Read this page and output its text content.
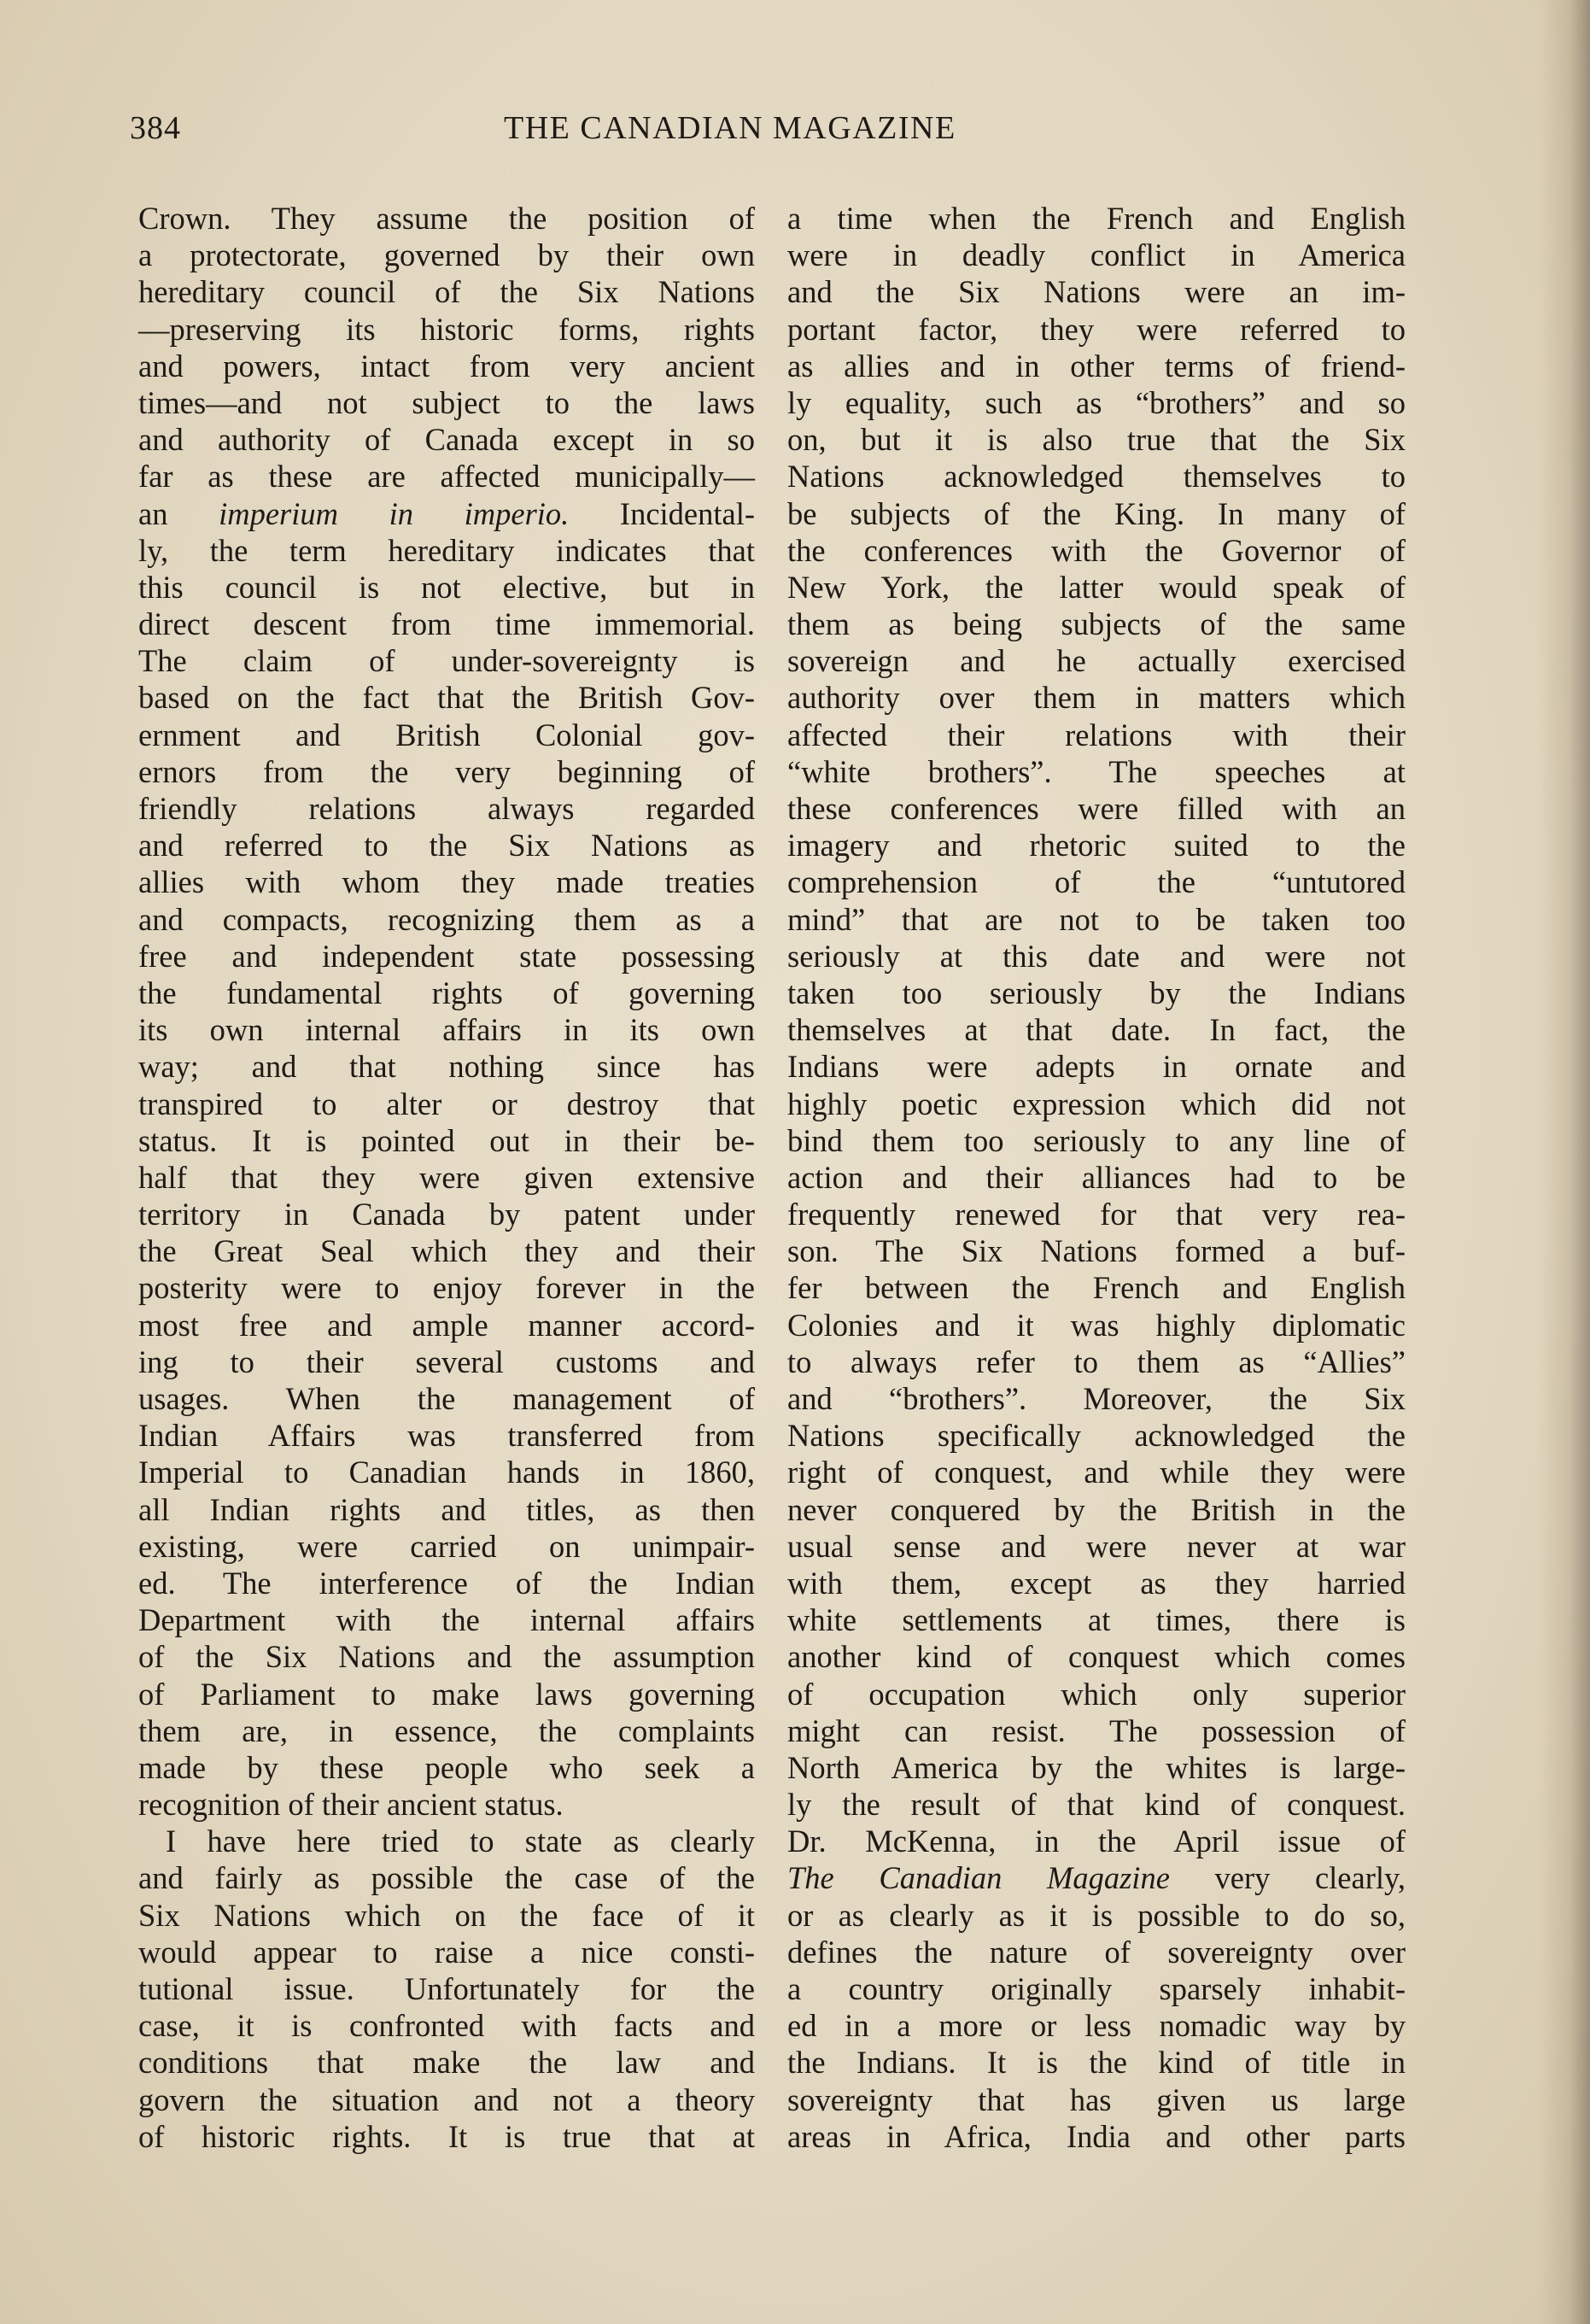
384	THE CANADIAN MAGAZINE
Crown. They assume the position of
a protectorate, governed by their own
hereditary council of the Six Nations
—preserving its historic forms, rights
and powers, intact from very ancient
times—and not subject to the laws
and authority of Canada except in so
far as these are affected municipally—
an imperium in imperio. Incidental-
ly, the term hereditary indicates that
this council is not elective, but in
direct descent from time immemorial.
The claim of under-sovereignty is
based on the fact that the British Gov-
ernment and British Colonial gov-
ernors from the very beginning of
friendly relations always regarded
and referred to the Six Nations as
allies with whom they made treaties
and compacts, recognizing them as a
free and independent state possessing
the fundamental rights of governing
its own internal affairs in its own
way; and that nothing since has
transpired to alter or destroy that
status. It is pointed out in their be-
half that they were given extensive
territory in Canada by patent under
the Great Seal which they and their
posterity were to enjoy forever in the
most free and ample manner accord-
ing to their several customs and
usages. When the management of
Indian Affairs was transferred from
Imperial to Canadian hands in 1860,
all Indian rights and titles, as then
existing, were carried on unimpair-
ed. The interference of the Indian
Department with the internal affairs
of the Six Nations and the assumption
of Parliament to make laws governing
them are, in essence, the complaints
made by these people who seek a
recognition of their ancient status.
I have here tried to state as clearly
and fairly as possible the case of the
Six Nations which on the face of it
would appear to raise a nice consti-
tutional issue. Unfortunately for the
case, it is confronted with facts and
conditions that make the law and
govern the situation and not a theory
of historic rights. It is true that at
a time when the French and English
were in deadly conflict in America
and the Six Nations were an im-
portant factor, they were referred to
as allies and in other terms of friend-
ly equality, such as “brothers” and so
on, but it is also true that the Six
Nations acknowledged themselves to
be subjects of the King. In many of
the conferences with the Governor of
New York, the latter would speak of
them as being subjects of the same
sovereign and he actually exercised
authority over them in matters which
affected their relations with their
“white brothers”. The speeches at
these conferences were filled with an
imagery and rhetoric suited to the
comprehension of the “untutored
mind” that are not to be taken too
seriously at this date and were not
taken too seriously by the Indians
themselves at that date. In fact, the
Indians were adepts in ornate and
highly poetic expression which did not
bind them too seriously to any line of
action and their alliances had to be
frequently renewed for that very rea-
son. The Six Nations formed a buf-
fer between the French and English
Colonies and it was highly diplomatic
to always refer to them as “Allies”
and “brothers”. Moreover, the Six
Nations specifically acknowledged the
right of conquest, and while they were
never conquered by the British in the
usual sense and were never at war
with them, except as they harried
white settlements at times, there is
another kind of conquest which comes
of occupation which only superior
might can resist. The possession of
North America by the whites is large-
ly the result of that kind of conquest.
Dr. McKenna, in the April issue of
The Canadian Magazine very clearly,
or as clearly as it is possible to do so,
defines the nature of sovereignty over
a country originally sparsely inhabit-
ed in a more or less nomadic way by
the Indians. It is the kind of title in
sovereignty that has given us large
areas in Africa, India and other parts
